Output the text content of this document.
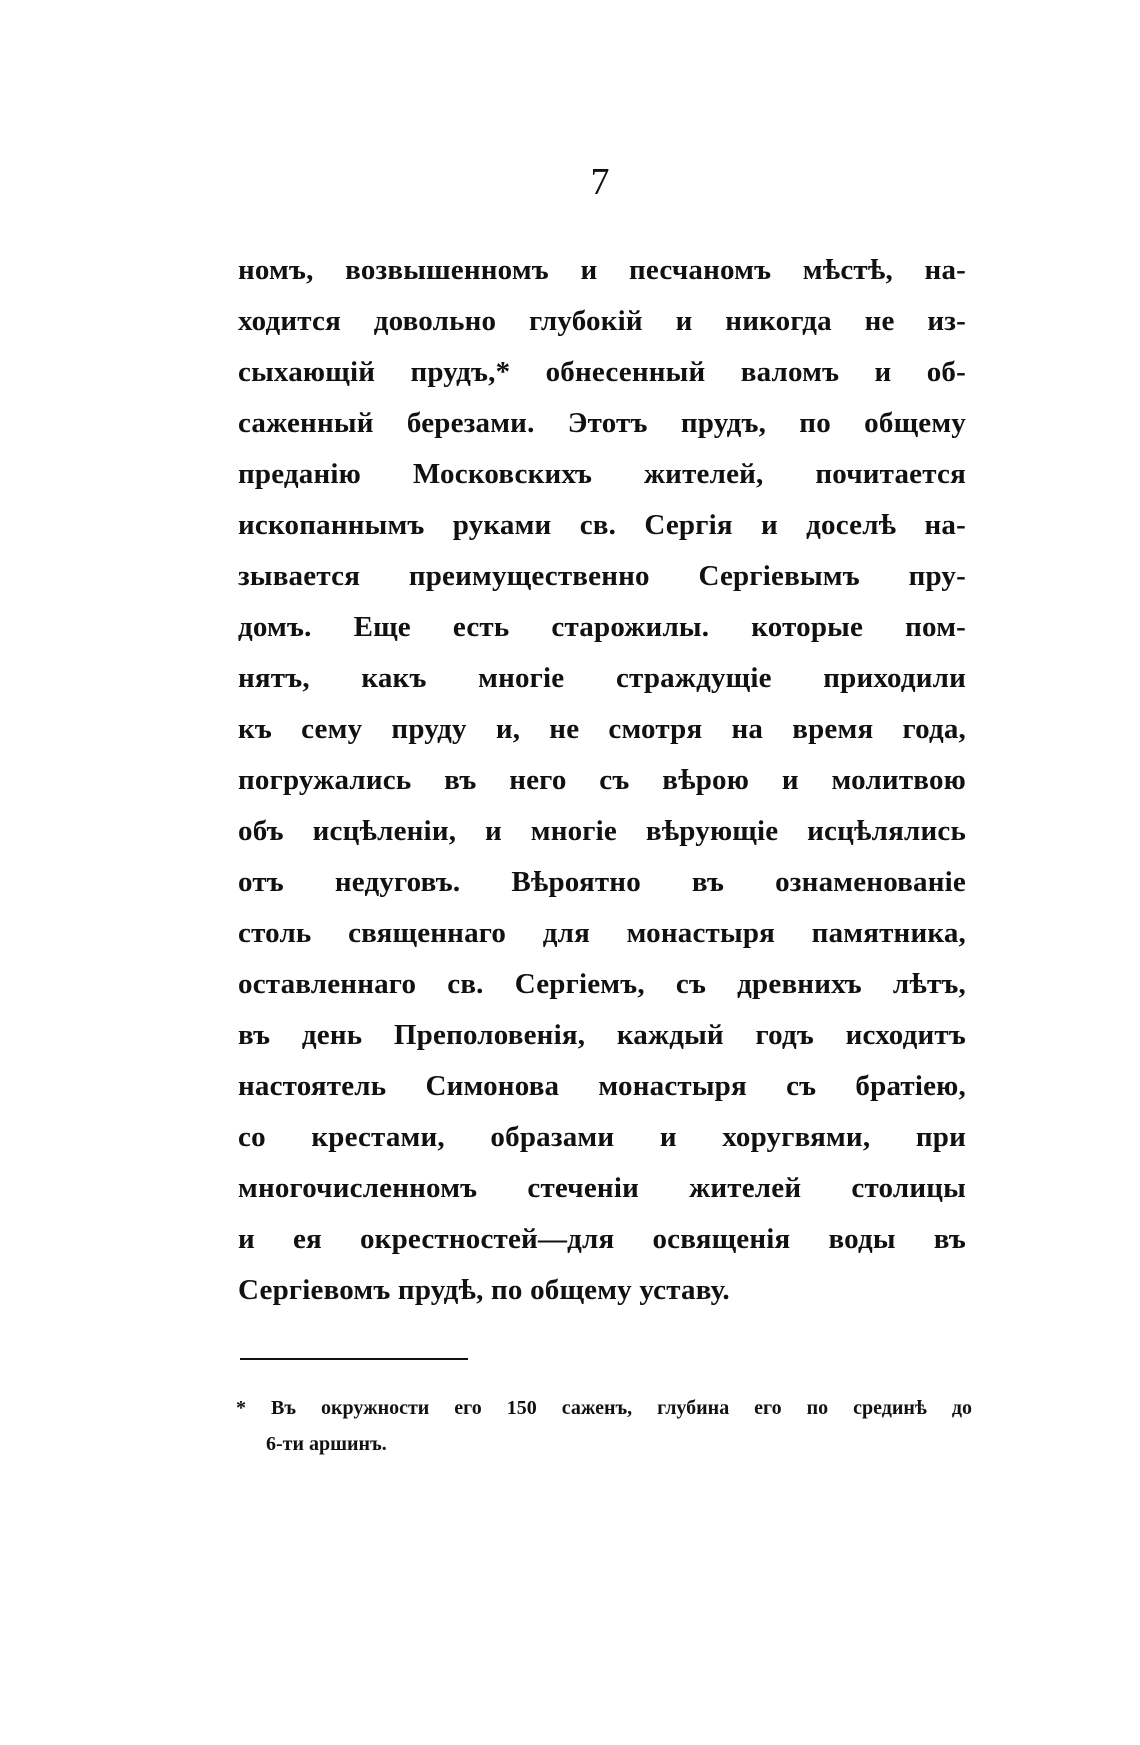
7
номъ, возвышенномъ и песчаномъ мѣстѣ, на-
ходится довольно глубокій и никогда не из-
сыхающій прудъ,* обнесенный валомъ и об-
саженный березами. Этотъ прудъ, по общему
преданію Московскихъ жителей, почитается
ископаннымъ руками св. Сергія и доселѣ на-
зывается преимущественно Сергіевымъ пру-
домъ. Еще есть старожилы. которые пом-
нятъ, какъ многіе страждущіе приходили
къ сему пруду и, не смотря на время года,
погружались въ него съ вѣрою и молитвою
объ исцѣленіи, и многіе вѣрующіе исцѣлялись
отъ недуговъ. Вѣроятно въ ознаменованіе
столь священнаго для монастыря памятника,
оставленнаго св. Сергіемъ, съ древнихъ лѣтъ,
въ день Преполовенія, каждый годъ исходитъ
настоятель Симонова монастыря съ братіею,
со крестами, образами и хоругвями, при
многочисленномъ стеченіи жителей столицы
и ея окрестностей—для освященія воды въ
Сергіевомъ прудѣ, по общему уставу.
* Въ окружности его 150 саженъ, глубина его по срединѣ до
6-ти аршинъ.
